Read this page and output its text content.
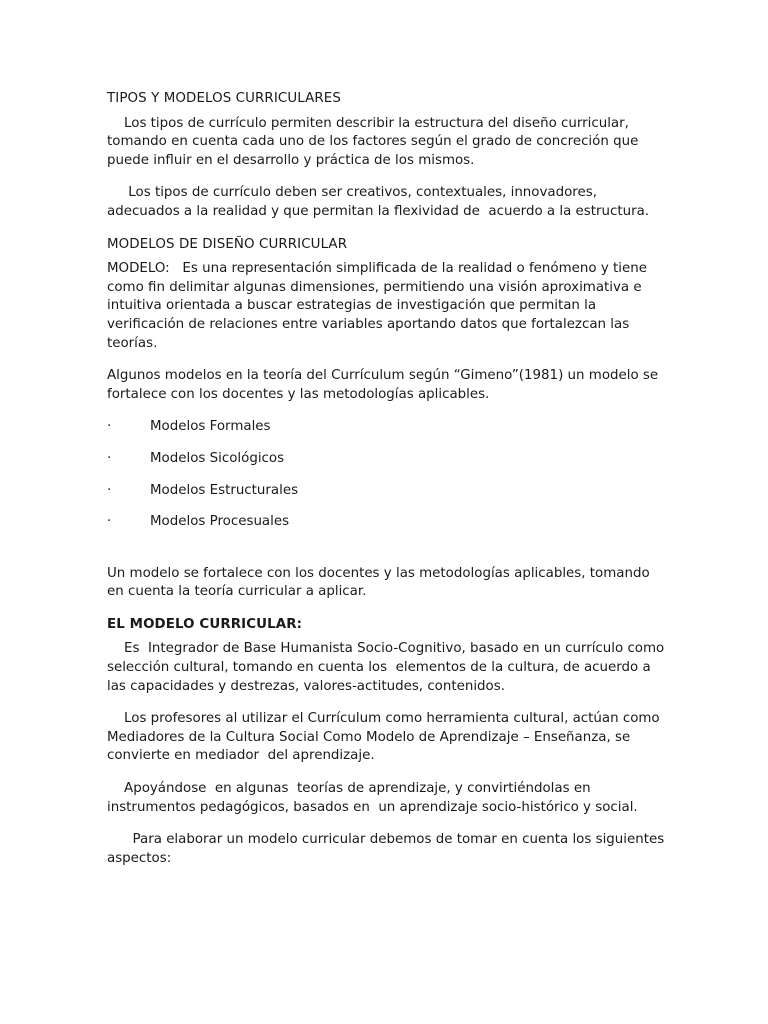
TIPOS Y MODELOS CURRICULARES

Los tipos de currículo permiten describir la estructura del diseño curricular, tomando en cuenta cada uno de los factores según el grado de concreción que puede influir en el desarrollo y práctica de los mismos.

Los tipos de currículo deben ser creativos, contextuales, innovadores, adecuados a la realidad y que permitan la flexividad de  acuerdo a la estructura.

MODELOS DE DISEÑO CURRICULAR

MODELO:   Es una representación simplificada de la realidad o fenómeno y tiene como fin delimitar algunas dimensiones, permitiendo una visión aproximativa e intuitiva orientada a buscar estrategias de investigación que permitan la verificación de relaciones entre variables aportando datos que fortalezcan las teorías.

Algunos modelos en la teoría del Currículum según “Gimeno”(1981) un modelo se fortalece con los docentes y las metodologías aplicables.

·	Modelos Formales
·	Modelos Sicológicos
·	Modelos Estructurales
·	Modelos Procesuales

Un modelo se fortalece con los docentes y las metodologías aplicables, tomando en cuenta la teoría curricular a aplicar.

EL MODELO CURRICULAR:

Es  Integrador de Base Humanista Socio-Cognitivo, basado en un currículo como selección cultural, tomando en cuenta los  elementos de la cultura, de acuerdo a las capacidades y destrezas, valores-actitudes, contenidos.

Los profesores al utilizar el Currículum como herramienta cultural, actúan como Mediadores de la Cultura Social Como Modelo de Aprendizaje – Enseñanza, se convierte en mediador  del aprendizaje.

Apoyándose  en algunas  teorías de aprendizaje, y convirtiéndolas en instrumentos pedagógicos, basados en  un aprendizaje socio-histórico y social.

Para elaborar un modelo curricular debemos de tomar en cuenta los siguientes aspectos:
